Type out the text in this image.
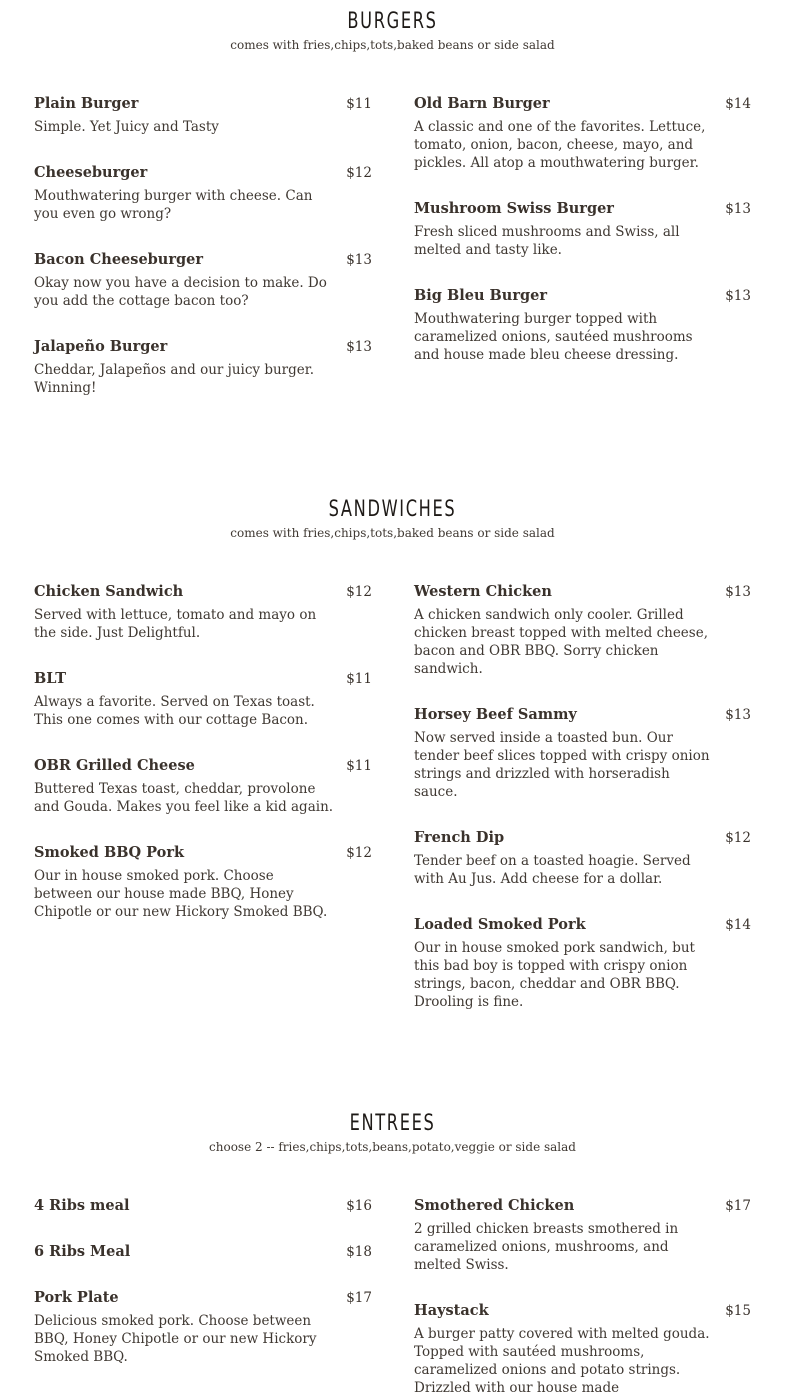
BURGERS
comes with fries,chips,tots,baked beans or side salad
Plain Burger	$11
Simple. Yet Juicy and Tasty
Cheeseburger	$12
Mouthwatering burger with cheese. Can you even go wrong?
Bacon Cheeseburger	$13
Okay now you have a decision to make. Do you add the cottage bacon too?
Jalapeño Burger	$13
Cheddar, Jalapeños and our juicy burger. Winning!
Old Barn Burger	$14
A classic and one of the favorites. Lettuce, tomato, onion, bacon, cheese, mayo, and pickles. All atop a mouthwatering burger.
Mushroom Swiss Burger	$13
Fresh sliced mushrooms and Swiss, all melted and tasty like.
Big Bleu Burger	$13
Mouthwatering burger topped with caramelized onions, sautéed mushrooms and house made bleu cheese dressing.
SANDWICHES
comes with fries,chips,tots,baked beans or side salad
Chicken Sandwich	$12
Served with lettuce, tomato and mayo on the side. Just Delightful.
BLT	$11
Always a favorite. Served on Texas toast. This one comes with our cottage Bacon.
OBR Grilled Cheese	$11
Buttered Texas toast, cheddar, provolone and Gouda. Makes you feel like a kid again.
Smoked BBQ Pork	$12
Our in house smoked pork. Choose between our house made BBQ, Honey Chipotle or our new Hickory Smoked BBQ.
Western Chicken	$13
A chicken sandwich only cooler. Grilled chicken breast topped with melted cheese, bacon and OBR BBQ. Sorry chicken sandwich.
Horsey Beef Sammy	$13
Now served inside a toasted bun. Our tender beef slices topped with crispy onion strings and drizzled with horseradish sauce.
French Dip	$12
Tender beef on a toasted hoagie. Served with Au Jus. Add cheese for a dollar.
Loaded Smoked Pork	$14
Our in house smoked pork sandwich, but this bad boy is topped with crispy onion strings, bacon, cheddar and OBR BBQ. Drooling is fine.
ENTREES
choose 2 -- fries,chips,tots,beans,potato,veggie or side salad
4 Ribs meal	$16
6 Ribs Meal	$18
Pork Plate	$17
Delicious smoked pork. Choose between BBQ, Honey Chipotle or our new Hickory Smoked BBQ.
Smothered Chicken	$17
2 grilled chicken breasts smothered in caramelized onions, mushrooms, and melted Swiss.
Haystack	$15
A burger patty covered with melted gouda. Topped with sautéed mushrooms, caramelized onions and potato strings. Drizzled with our house made
